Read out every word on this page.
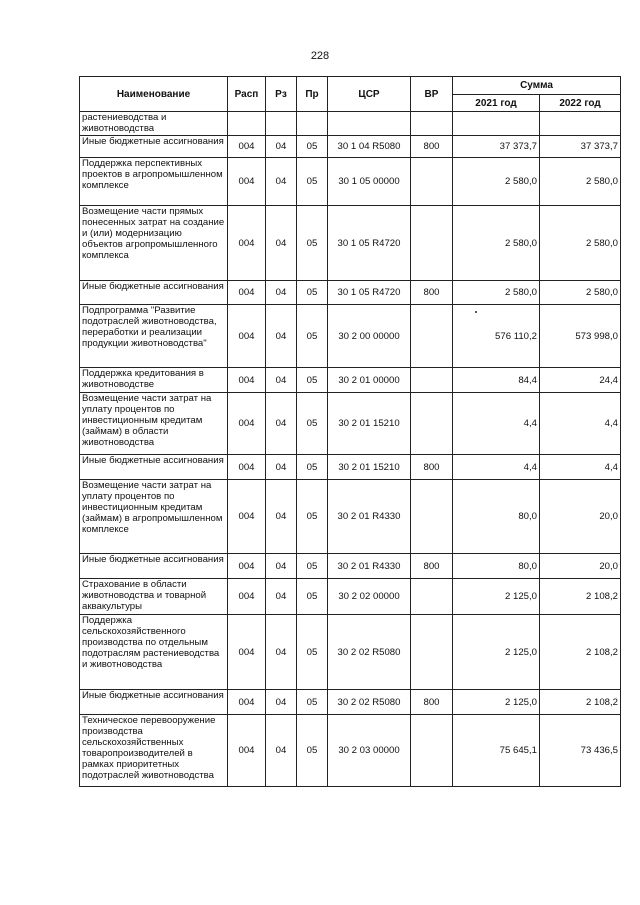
228
Наименование	Расп	Рз	Пр	ЦСР	ВР	Сумма	
						2021 год	2022 год
растениеводства и животноводства							
Иные бюджетные ассигнования	004	04	05	30 1 04 R5080	800	37 373,7	37 373,7
Поддержка перспективных проектов в агропромышленном комплексе	004	04	05	30 1 05 00000		2 580,0	2 580,0
Возмещение части прямых понесенных затрат на создание и (или) модернизацию объектов агропромышленного комплекса	004	04	05	30 1 05 R4720		2 580,0	2 580,0
Иные бюджетные ассигнования	004	04	05	30 1 05 R4720	800	2 580,0	2 580,0
Подпрограмма "Развитие подотраслей животноводства, переработки и реализации продукции животноводства"	004	04	05	30 2 00 00000		576 110,2	573 998,0
Поддержка кредитования в животноводстве	004	04	05	30 2 01 00000		84,4	24,4
Возмещение части затрат на уплату процентов по инвестиционным кредитам (займам) в области животноводства	004	04	05	30 2 01 15210		4,4	4,4
Иные бюджетные ассигнования	004	04	05	30 2 01 15210	800	4,4	4,4
Возмещение части затрат на уплату процентов по инвестиционным кредитам (займам) в агропромышленном комплексе	004	04	05	30 2 01 R4330		80,0	20,0
Иные бюджетные ассигнования	004	04	05	30 2 01 R4330	800	80,0	20,0
Страхование в области животноводства и товарной аквакультуры	004	04	05	30 2 02 00000		2 125,0	2 108,2
Поддержка сельскохозяйственного производства по отдельным подотраслям растениеводства и животноводства	004	04	05	30 2 02 R5080		2 125,0	2 108,2
Иные бюджетные ассигнования	004	04	05	30 2 02 R5080	800	2 125,0	2 108,2
Техническое перевооружение производства сельскохозяйственных товаропроизводителей в рамках приоритетных подотраслей животноводства	004	04	05	30 2 03 00000		75 645,1	73 436,5
